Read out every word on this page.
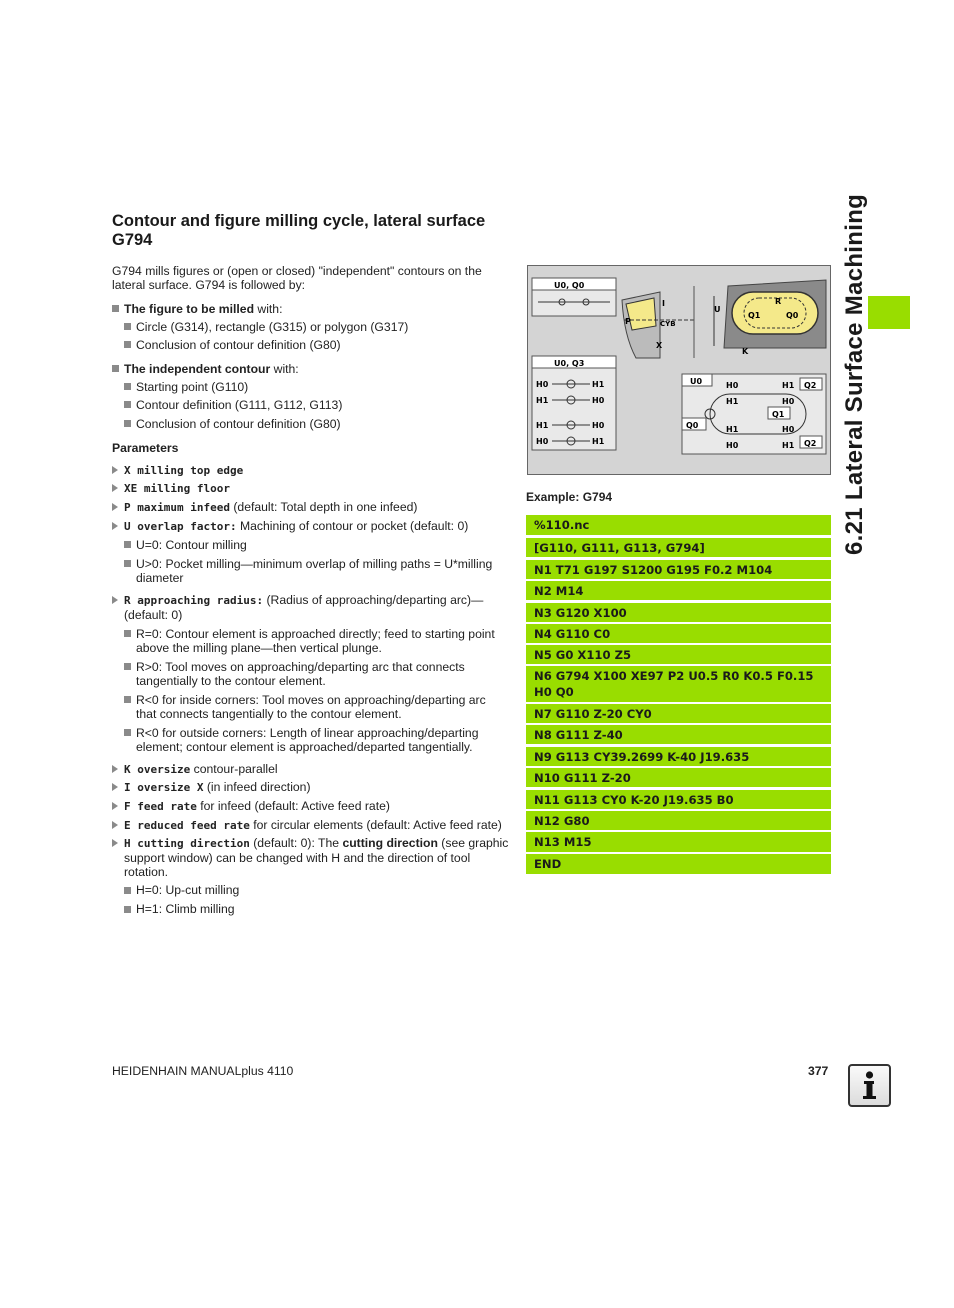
Contour and figure milling cycle, lateral surface G794
G794 mills figures or (open or closed) "independent" contours on the lateral surface. G794 is followed by:
The figure to be milled with:
Circle (G314), rectangle (G315) or polygon (G317)
Conclusion of contour definition (G80)
The independent contour with:
Starting point (G110)
Contour definition (G111, G112, G113)
Conclusion of contour definition (G80)
Parameters
X milling top edge
XE milling floor
P maximum infeed (default: Total depth in one infeed)
U overlap factor: Machining of contour or pocket (default: 0)
U=0: Contour milling
U>0: Pocket milling—minimum overlap of milling paths = U*milling diameter
R approaching radius: (Radius of approaching/departing arc)—(default: 0)
R=0: Contour element is approached directly; feed to starting point above the milling plane—then vertical plunge.
R>0: Tool moves on approaching/departing arc that connects tangentially to the contour element.
R<0 for inside corners: Tool moves on approaching/departing arc that connects tangentially to the contour element.
R<0 for outside corners: Length of linear approaching/departing element; contour element is approached/departed tangentially.
K oversize contour-parallel
I oversize X (in infeed direction)
F feed rate for infeed (default: Active feed rate)
E reduced feed rate for circular elements (default: Active feed rate)
H cutting direction (default: 0): The cutting direction (see graphic support window) can be changed with H and the direction of tool rotation.
H=0: Up-cut milling
H=1: Climb milling
U0, Q0
I
P	CYB
X
Q1	Q0
R
U
K
U0, Q3
H0	H1
H1	H0
H1	H0
H0	H1
U0
Q0
Q2
Q1
Q2
H0	H1
H1	H0
H1	H0
H0	H1
Example: G794
%110.nc
[G110, G111, G113, G794]
N1 T71 G197 S1200 G195 F0.2 M104
N2 M14
N3 G120 X100
N4 G110 C0
N5 G0 X110 Z5
N6 G794 X100 XE97 P2 U0.5 R0 K0.5 F0.15 H0 Q0
N7 G110 Z-20 CY0
N8 G111 Z-40
N9 G113 CY39.2699 K-40 J19.635
N10 G111 Z-20
N11 G113 CY0 K-20 J19.635 B0
N12 G80
N13 M15
END
6.21 Lateral Surface Machining
HEIDENHAIN MANUALplus 4110	377
